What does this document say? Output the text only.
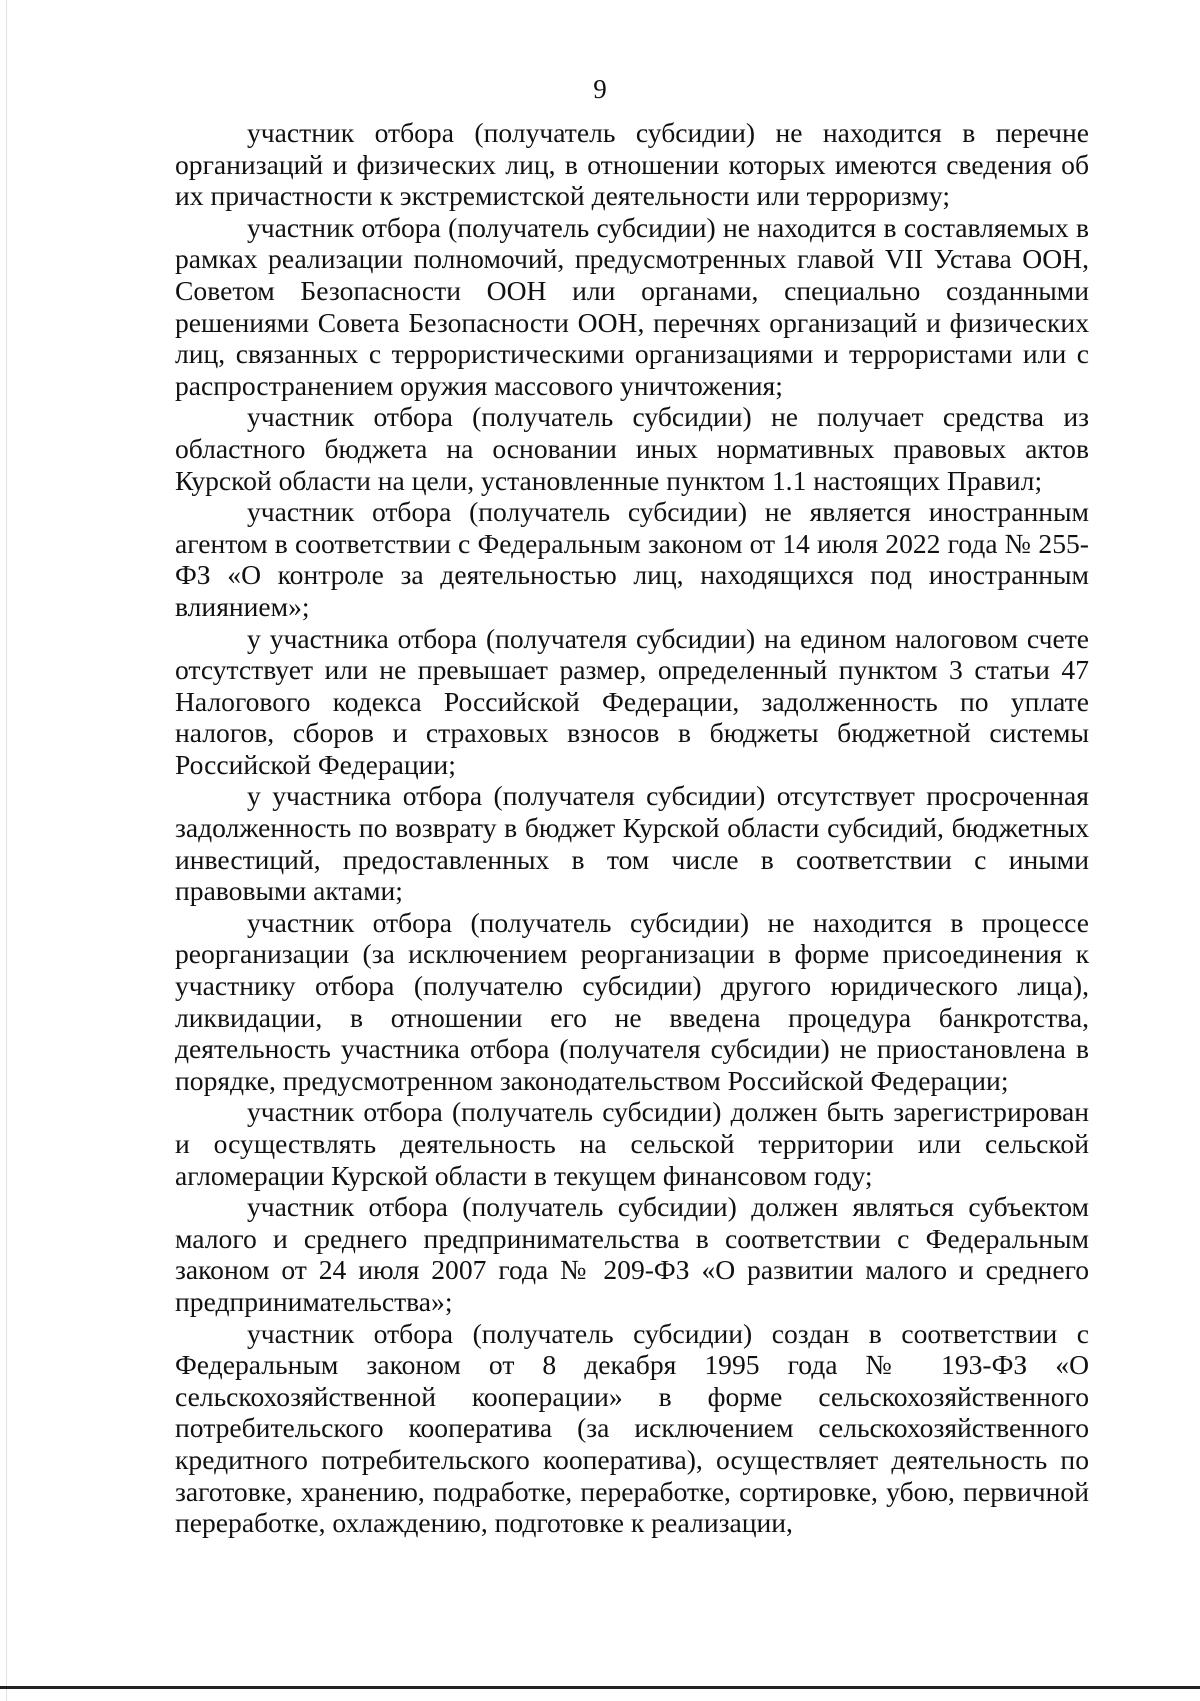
9

участник отбора (получатель субсидии) не находится в перечне организаций и физических лиц, в отношении которых имеются сведения об их причастности к экстремистской деятельности или терроризму;

участник отбора (получатель субсидии) не находится в составляемых в рамках реализации полномочий, предусмотренных главой VII Устава ООН, Советом Безопасности ООН или органами, специально созданными решениями Совета Безопасности ООН, перечнях организаций и физических лиц, связанных с террористическими организациями и террористами или с распространением оружия массового уничтожения;

участник отбора (получатель субсидии) не получает средства из областного бюджета на основании иных нормативных правовых актов Курской области на цели, установленные пунктом 1.1 настоящих Правил;

участник отбора (получатель субсидии) не является иностранным агентом в соответствии с Федеральным законом от 14 июля 2022 года № 255-ФЗ «О контроле за деятельностью лиц, находящихся под иностранным влиянием»;

у участника отбора (получателя субсидии) на едином налоговом счете отсутствует или не превышает размер, определенный пунктом 3 статьи 47 Налогового кодекса Российской Федерации, задолженность по уплате налогов, сборов и страховых взносов в бюджеты бюджетной системы Российской Федерации;

у участника отбора (получателя субсидии) отсутствует просроченная задолженность по возврату в бюджет Курской области субсидий, бюджетных инвестиций, предоставленных в том числе в соответствии с иными правовыми актами;

участник отбора (получатель субсидии) не находится в процессе реорганизации (за исключением реорганизации в форме присоединения к участнику отбора (получателю субсидии) другого юридического лица), ликвидации, в отношении его не введена процедура банкротства, деятельность участника отбора (получателя субсидии) не приостановлена в порядке, предусмотренном законодательством Российской Федерации;

участник отбора (получатель субсидии) должен быть зарегистрирован и осуществлять деятельность на сельской территории или сельской агломерации Курской области в текущем финансовом году;

участник отбора (получатель субсидии) должен являться субъектом малого и среднего предпринимательства в соответствии с Федеральным законом от 24 июля 2007 года № 209-ФЗ «О развитии малого и среднего предпринимательства»;

участник отбора (получатель субсидии) создан в соответствии с Федеральным законом от 8 декабря 1995 года № 193-ФЗ «О сельскохозяйственной кооперации» в форме сельскохозяйственного потребительского кооператива (за исключением сельскохозяйственного кредитного потребительского кооператива), осуществляет деятельность по заготовке, хранению, подработке, переработке, сортировке, убою, первичной переработке, охлаждению, подготовке к реализации,
